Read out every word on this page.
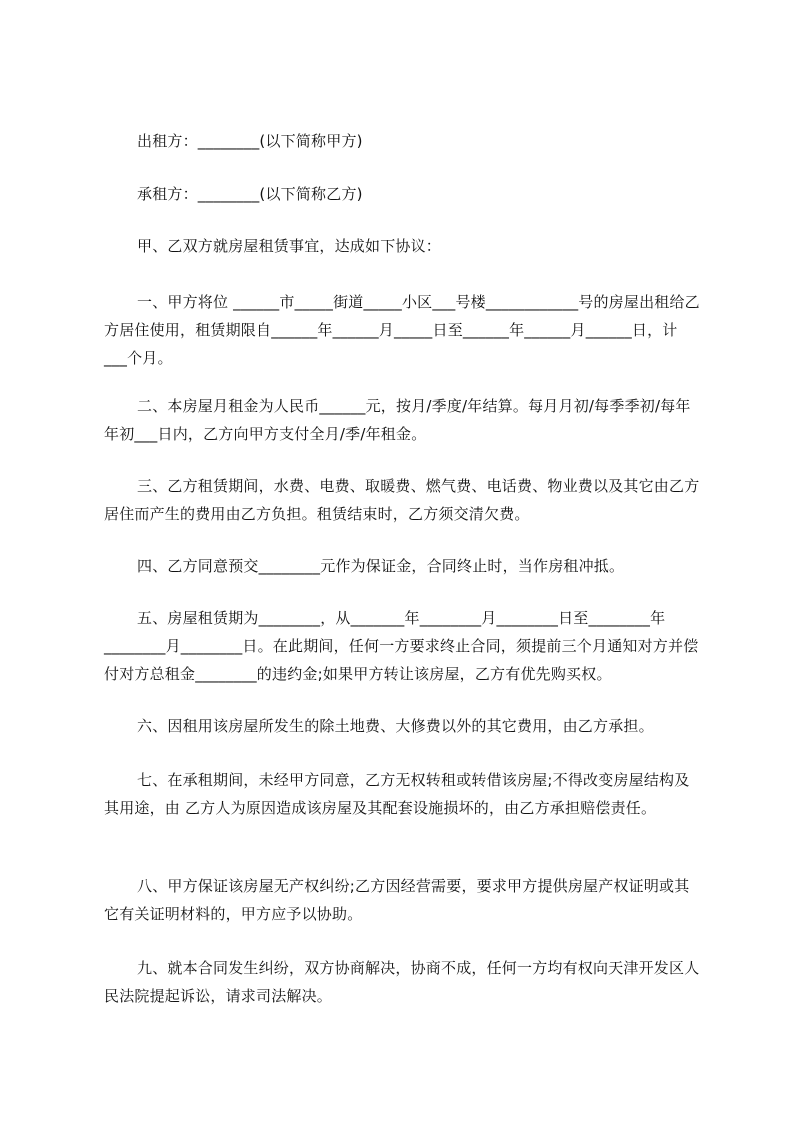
出租方：________(以下简称甲方)

承租方：________(以下简称乙方)

甲、乙双方就房屋租赁事宜，达成如下协议：

一、甲方将位 ______市_____街道_____小区___号楼____________号的房屋出租给乙方居住使用，租赁期限自______年______月_____日至______年______月______日，计___个月。

二、本房屋月租金为人民币______元，按月/季度/年结算。每月月初/每季季初/每年年初___日内，乙方向甲方支付全月/季/年租金。

三、乙方租赁期间，水费、电费、取暖费、燃气费、电话费、物业费以及其它由乙方居住而产生的费用由乙方负担。租赁结束时，乙方须交清欠费。

四、乙方同意预交________元作为保证金，合同终止时，当作房租冲抵。

五、房屋租赁期为________，从_______年________月________日至________年________月________日。在此期间，任何一方要求终止合同，须提前三个月通知对方并偿付对方总租金________的违约金;如果甲方转让该房屋，乙方有优先购买权。

六、因租用该房屋所发生的除土地费、大修费以外的其它费用，由乙方承担。

七、在承租期间，未经甲方同意，乙方无权转租或转借该房屋;不得改变房屋结构及其用途，由 乙方人为原因造成该房屋及其配套设施损坏的，由乙方承担赔偿责任。

八、甲方保证该房屋无产权纠纷;乙方因经营需要，要求甲方提供房屋产权证明或其它有关证明材料的，甲方应予以协助。

九、就本合同发生纠纷，双方协商解决，协商不成，任何一方均有权向天津开发区人民法院提起诉讼，请求司法解决。
